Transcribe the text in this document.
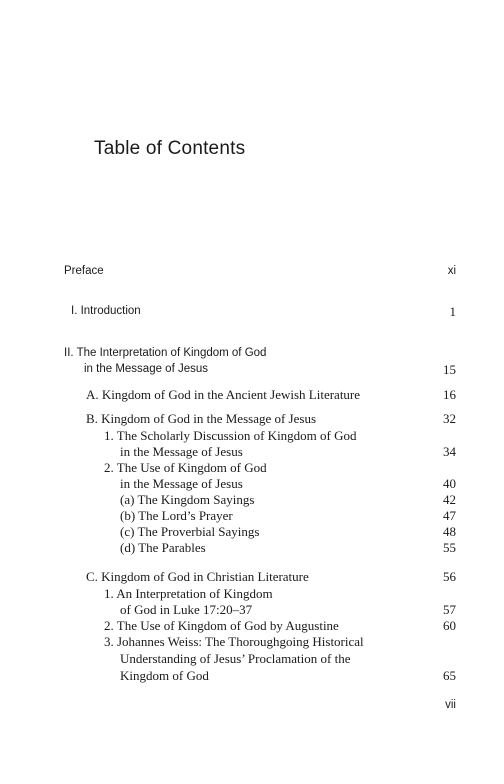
Table of Contents
Preface	xi
I. Introduction	1
II. The Interpretation of Kingdom of God
in the Message of Jesus	15
A. Kingdom of God in the Ancient Jewish Literature	16
B. Kingdom of God in the Message of Jesus	32
1. The Scholarly Discussion of Kingdom of God
in the Message of Jesus	34
2. The Use of Kingdom of God
in the Message of Jesus	40
(a) The Kingdom Sayings	42
(b) The Lord’s Prayer	47
(c) The Proverbial Sayings	48
(d) The Parables	55
C. Kingdom of God in Christian Literature	56
1. An Interpretation of Kingdom
of God in Luke 17:20–37	57
2. The Use of Kingdom of God by Augustine	60
3. Johannes Weiss: The Thoroughgoing Historical
Understanding of Jesus’ Proclamation of the
Kingdom of God	65
vii
